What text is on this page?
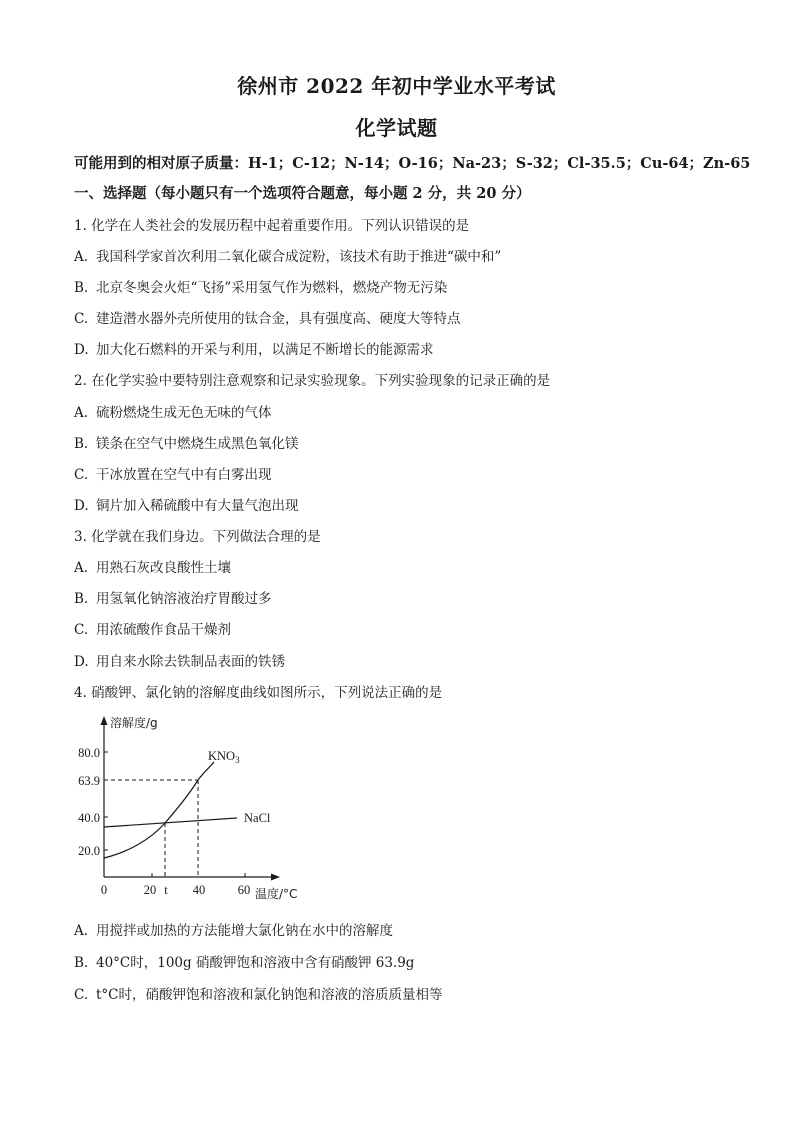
徐州市 2022 年初中学业水平考试
化学试题
可能用到的相对原子质量：H-1；C-12；N-14；O-16；Na-23；S-32；Cl-35.5；Cu-64；Zn-65
一、选择题（每小题只有一个选项符合题意，每小题 2 分，共 20 分）
1. 化学在人类社会的发展历程中起着重要作用。下列认识错误的是
A. 我国科学家首次利用二氧化碳合成淀粉，该技术有助于推进“碳中和”
B. 北京冬奥会火炬“飞扬”采用氢气作为燃料，燃烧产物无污染
C. 建造潜水器外壳所使用的钛合金，具有强度高、硬度大等特点
D. 加大化石燃料的开采与利用，以满足不断增长的能源需求
2. 在化学实验中要特别注意观察和记录实验现象。下列实验现象的记录正确的是
A. 硫粉燃烧生成无色无味的气体
B. 镁条在空气中燃烧生成黑色氧化镁
C. 干冰放置在空气中有白雾出现
D. 铜片加入稀硫酸中有大量气泡出现
3. 化学就在我们身边。下列做法合理的是
A. 用熟石灰改良酸性土壤
B. 用氢氧化钠溶液治疗胃酸过多
C. 用浓硫酸作食品干燥剂
D. 用自来水除去铁制品表面的铁锈
4. 硝酸钾、氯化钠的溶解度曲线如图所示，下列说法正确的是
80.0
63.9
40.0
20.0
0	20 t 40	60
溶解度/g
温度/°C
$KNO_3$
NaCl
A. 用搅拌或加热的方法能增大氯化钠在水中的溶解度
B. 40°C时，100g 硝酸钾饱和溶液中含有硝酸钾 63.9g
C. t°C时，硝酸钾饱和溶液和氯化钠饱和溶液的溶质质量相等
